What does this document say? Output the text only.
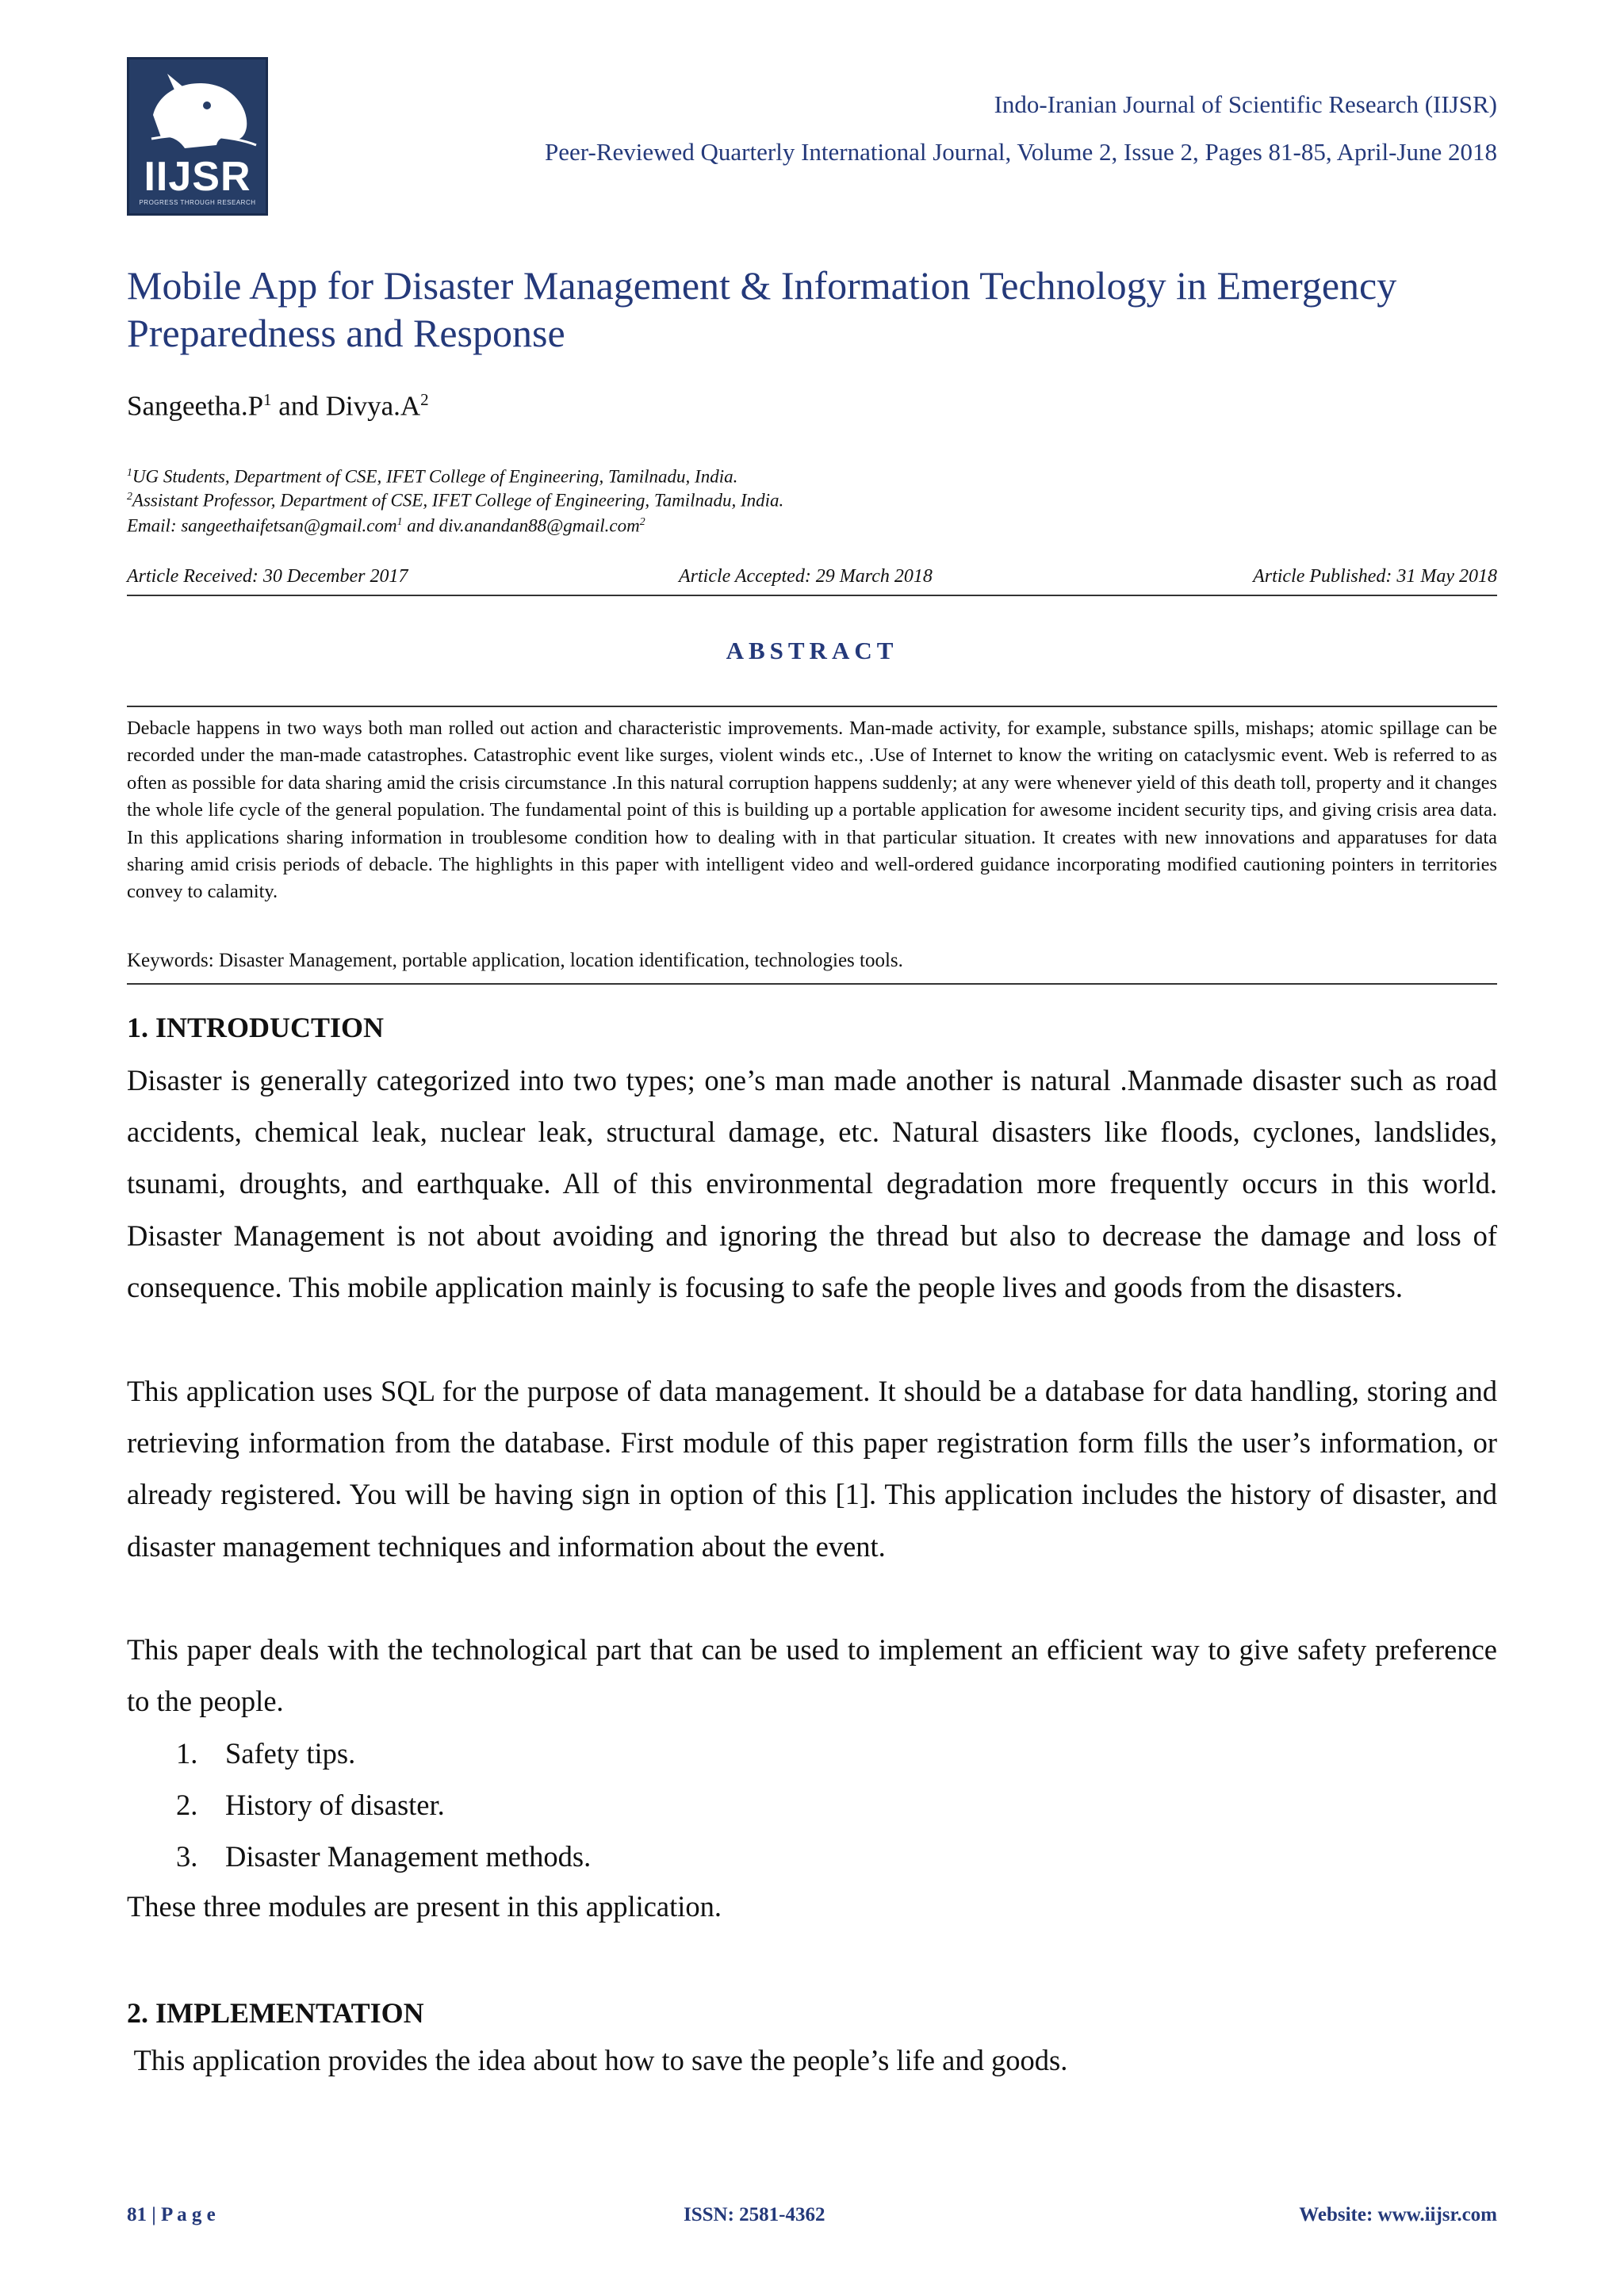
IIJSR
PROGRESS THROUGH RESEARCH
Indo-Iranian Journal of Scientific Research (IIJSR)
Peer-Reviewed Quarterly International Journal, Volume 2, Issue 2, Pages 81-85, April-June 2018
Mobile App for Disaster Management & Information Technology in Emergency
Preparedness and Response
$Sangeetha.P^1$ and $Divya.A^2$
$^1$UG Students, Department of CSE, IFET College of Engineering, Tamilnadu, India.
$^2$Assistant Professor, Department of CSE, IFET College of Engineering, Tamilnadu, India.
Email: sangeethaifetsan@gmail.com$^1$ and div.anandan88@gmail.com$^2$
Article Received: 30 December 2017	Article Accepted: 29 March 2018	Article Published: 31 May 2018
ABSTRACT
Debacle happens in two ways both man rolled out action and characteristic improvements. Man-made activity, for example, substance spills, mishaps; atomic spillage can be recorded under the man-made catastrophes. Catastrophic event like surges, violent winds etc., .Use of Internet to know the writing on cataclysmic event. Web is referred to as often as possible for data sharing amid the crisis circumstance .In this natural corruption happens suddenly; at any were whenever yield of this death toll, property and it changes the whole life cycle of the general population. The fundamental point of this is building up a portable application for awesome incident security tips, and giving crisis area data. In this applications sharing information in troublesome condition how to dealing with in that particular situation. It creates with new innovations and apparatuses for data sharing amid crisis periods of debacle. The highlights in this paper with intelligent video and well-ordered guidance incorporating modified cautioning pointers in territories convey to calamity.
Keywords: Disaster Management, portable application, location identification, technologies tools.
1. INTRODUCTION
Disaster is generally categorized into two types; one’s man made another is natural .Manmade disaster such as road accidents, chemical leak, nuclear leak, structural damage, etc. Natural disasters like floods, cyclones, landslides, tsunami, droughts, and earthquake. All of this environmental degradation more frequently occurs in this world. Disaster Management is not about avoiding and ignoring the thread but also to decrease the damage and loss of consequence. This mobile application mainly is focusing to safe the people lives and goods from the disasters.
This application uses SQL for the purpose of data management. It should be a database for data handling, storing and retrieving information from the database. First module of this paper registration form fills the user’s information, or already registered. You will be having sign in option of this [1]. This application includes the history of disaster, and disaster management techniques and information about the event.
This paper deals with the technological part that can be used to implement an efficient way to give safety preference to the people.
1. Safety tips.
2. History of disaster.
3. Disaster Management methods.
These three modules are present in this application.
2. IMPLEMENTATION
This application provides the idea about how to save the people’s life and goods.
81 | P a g e	ISSN: 2581-4362	Website: www.iijsr.com
